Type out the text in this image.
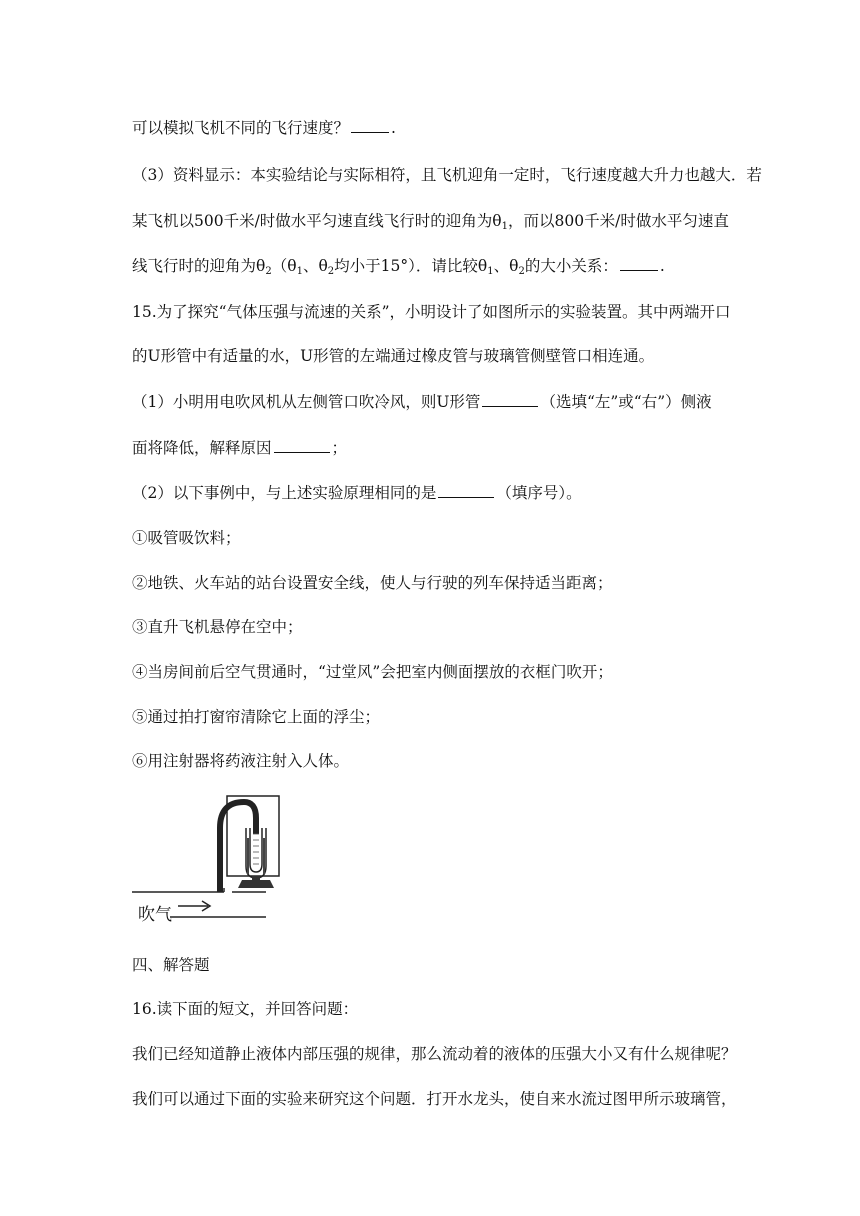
可以模拟飞机不同的飞行速度？	.
（3）资料显示：本实验结论与实际相符，且飞机迎角一定时，飞行速度越大升力也越大．若
某飞机以500千米/时做水平匀速直线飞行时的迎角为$\theta_1$，而以800千米/时做水平匀速直
线飞行时的迎角为$\theta_2(\theta_1$、$\theta_2$均小于15°）．请比较$\theta_1$、$\theta_2$的大小关系：	.
15.为了探究“气体压强与流速的关系”，小明设计了如图所示的实验装置。其中两端开口
的U形管中有适量的水，U形管的左端通过橡皮管与玻璃管侧壁管口相连通。
（1）小明用电吹风机从左侧管口吹冷风，则U形管	（选填“左”或“右”）侧液
面将降低，解释原因	；
（2）以下事例中，与上述实验原理相同的是	（填序号）。
①吸管吸饮料；
②地铁、火车站的站台设置安全线，使人与行驶的列车保持适当距离；
③直升飞机悬停在空中；
④当房间前后空气贯通时，“过堂风”会把室内侧面摆放的衣框门吹开；
⑤通过拍打窗帘清除它上面的浮尘；
⑥用注射器将药液注射入人体。
吹气
四、解答题
16.读下面的短文，并回答问题：
我们已经知道静止液体内部压强的规律，那么流动着的液体的压强大小又有什么规律呢？
我们可以通过下面的实验来研究这个问题．打开水龙头，使自来水流过图甲所示玻璃管，
